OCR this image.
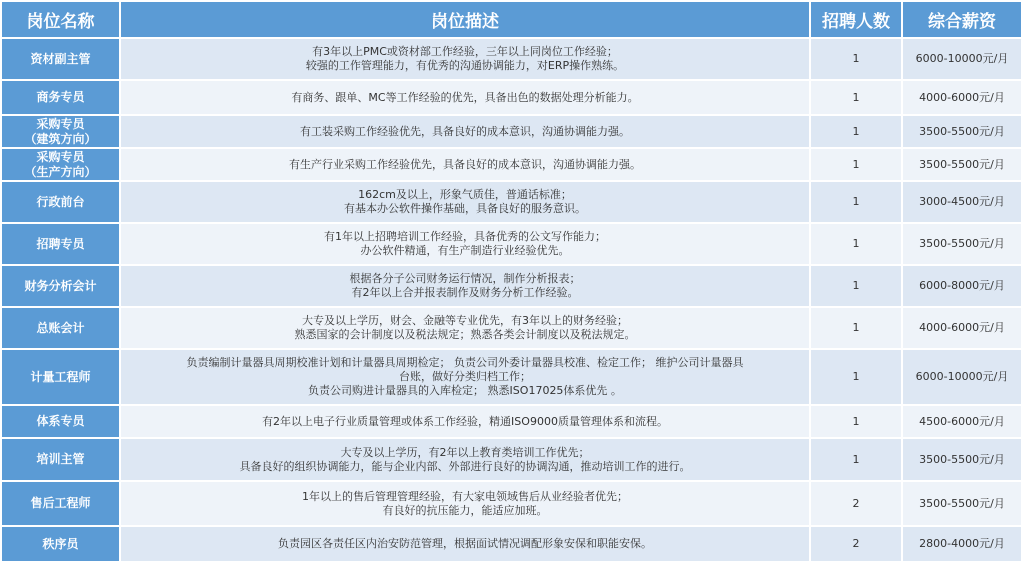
岗位名称	岗位描述	招聘人数	综合薪资

资材副主管	有3年以上PMC或资材部工作经验，三年以上同岗位工作经验；
较强的工作管理能力，有优秀的沟通协调能力，对ERP操作熟练。	1	6000-10000元/月

商务专员	有商务、跟单、MC等工作经验的优先，具备出色的数据处理分析能力。	1	4000-6000元/月

采购专员
（建筑方向）	有工装采购工作经验优先，具备良好的成本意识，沟通协调能力强。	1	3500-5500元/月

采购专员
（生产方向）	有生产行业采购工作经验优先，具备良好的成本意识，沟通协调能力强。	1	3500-5500元/月

行政前台	162cm及以上，形象气质佳，普通话标准；
有基本办公软件操作基础，具备良好的服务意识。	1	3000-4500元/月

招聘专员	有1年以上招聘培训工作经验，具备优秀的公文写作能力；
办公软件精通，有生产制造行业经验优先。	1	3500-5500元/月

财务分析会计	根据各分子公司财务运行情况，制作分析报表；
有2年以上合并报表制作及财务分析工作经验。	1	6000-8000元/月

总账会计	大专及以上学历，财会、金融等专业优先，有3年以上的财务经验；
熟悉国家的会计制度以及税法规定；熟悉各类会计制度以及税法规定。	1	4000-6000元/月

计量工程师	负责编制计量器具周期校准计划和计量器具周期检定； 负责公司外委计量器具校准、检定工作； 维护公司计量器具
台账，做好分类归档工作；
负责公司购进计量器具的入库检定； 熟悉ISO17025体系优先 。	1	6000-10000元/月

体系专员	有2年以上电子行业质量管理或体系工作经验，精通ISO9000质量管理体系和流程。	1	4500-6000元/月

培训主管	大专及以上学历，有2年以上教育类培训工作优先；
具备良好的组织协调能力，能与企业内部、外部进行良好的协调沟通，推动培训工作的进行。	1	3500-5500元/月

售后工程师	1年以上的售后管理管理经验，有大家电领域售后从业经验者优先；
有良好的抗压能力，能适应加班。	2	3500-5500元/月

秩序员	负责园区各责任区内治安防范管理，根据面试情况调配形象安保和职能安保。	2	2800-4000元/月
